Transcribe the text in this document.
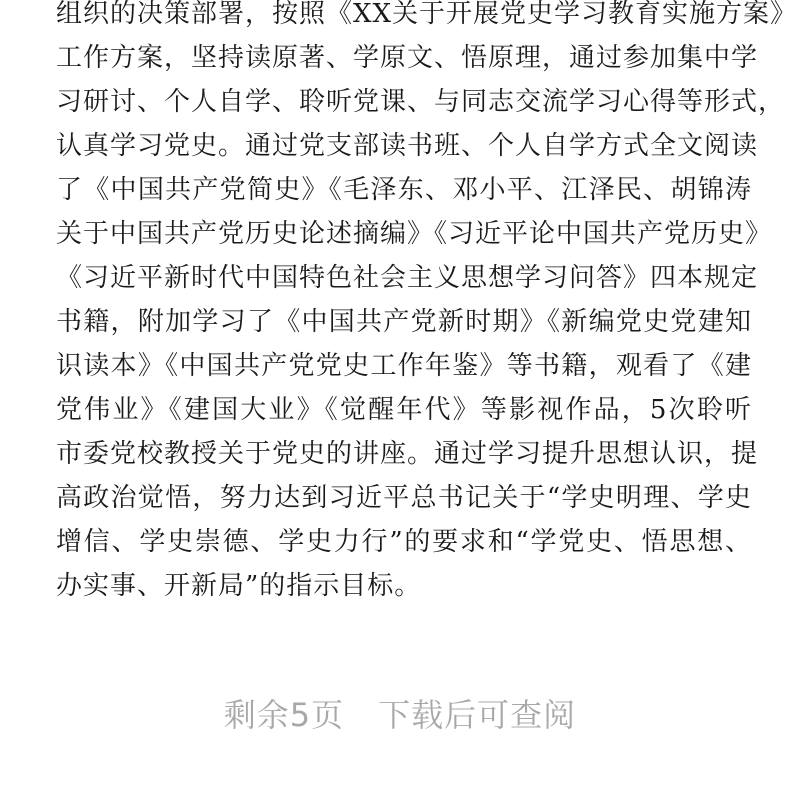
组织的决策部署，按照《XX关于开展党史学习教育实施方案》
工作方案，坚持读原著、学原文、悟原理，通过参加集中学
习研讨、个人自学、聆听党课、与同志交流学习心得等形式，
认真学习党史。通过党支部读书班、个人自学方式全文阅读
了《中国共产党简史》《毛泽东、邓小平、江泽民、胡锦涛
关于中国共产党历史论述摘编》《习近平论中国共产党历史》
《习近平新时代中国特色社会主义思想学习问答》四本规定
书籍，附加学习了《中国共产党新时期》《新编党史党建知
识读本》《中国共产党党史工作年鉴》等书籍，观看了《建
党伟业》《建国大业》《觉醒年代》等影视作品，5次聆听
市委党校教授关于党史的讲座。通过学习提升思想认识，提
高政治觉悟，努力达到习近平总书记关于“学史明理、学史
增信、学史崇德、学史力行”的要求和“学党史、悟思想、
办实事、开新局”的指示目标。
剩余5页 下载后可查阅
